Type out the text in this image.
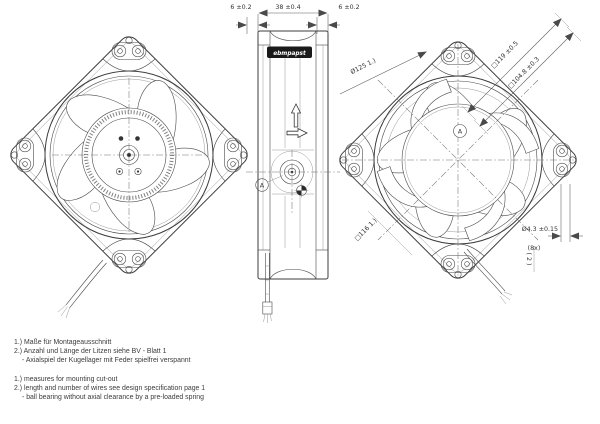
ebmpapst
A
A
38 ±0.4
6 ±0.2	6 ±0.2
Ø125 1.)	□119 ±0.5
□104.8 ±0.3
□116 1.)	Ø4.3 ±0.15
(8x)
( 2 )
1.) Maße für Montageausschnitt
2.) Anzahl und Länge der Litzen siehe BV - Blatt 1
- Axialspiel der Kugellager mit Feder spielfrei verspannt
1.) measures for mounting cut-out
2.) length and number of wires see design specification page 1
- ball bearing without axial clearance by a pre-loaded spring
